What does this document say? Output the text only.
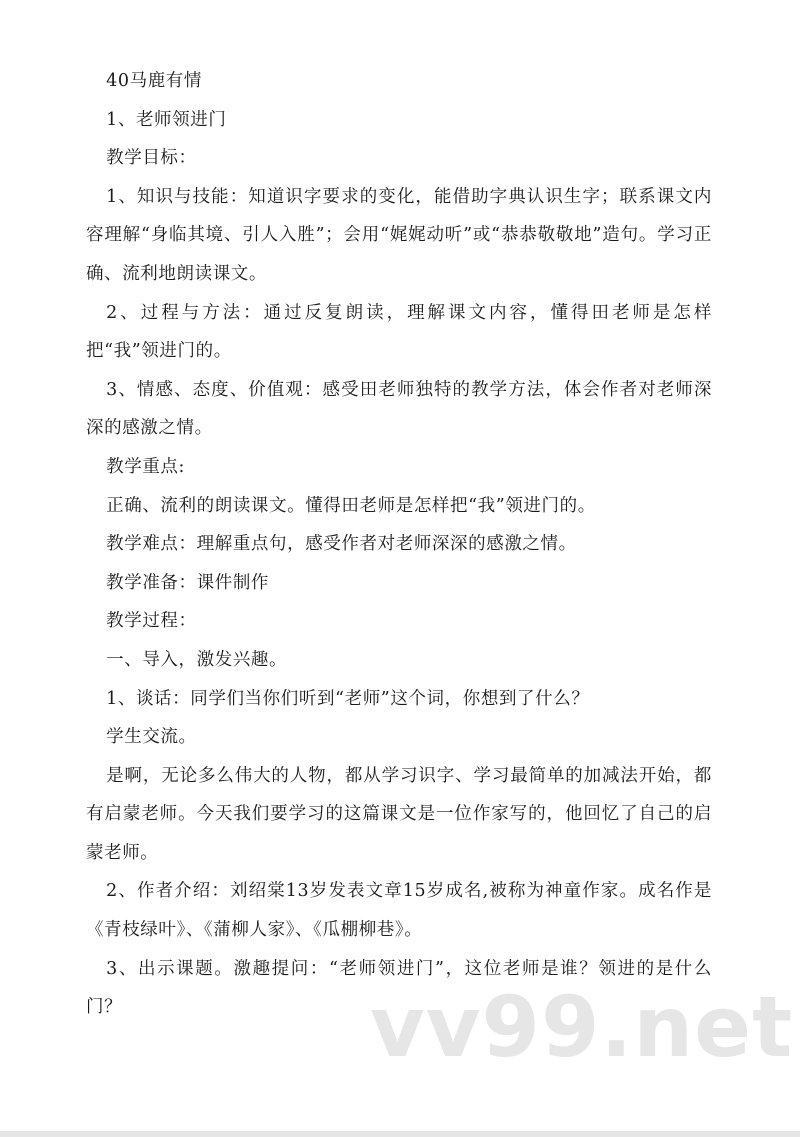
40马鹿有情

1、老师领进门

教学目标：

1、知识与技能：知道识字要求的变化，能借助字典认识生字；联系课文内容理解“身临其境、引人入胜”；会用“娓娓动听”或“恭恭敬敬地”造句。学习正确、流利地朗读课文。

2、过程与方法：通过反复朗读，理解课文内容，懂得田老师是怎样把“我”领进门的。

3、情感、态度、价值观：感受田老师独特的教学方法，体会作者对老师深深的感激之情。

教学重点:

正确、流利的朗读课文。懂得田老师是怎样把“我”领进门的。

教学难点：理解重点句，感受作者对老师深深的感激之情。

教学准备：课件制作

教学过程：

一、导入，激发兴趣。

1、谈话：同学们当你们听到“老师”这个词，你想到了什么？

学生交流。

是啊，无论多么伟大的人物，都从学习识字、学习最简单的加减法开始，都有启蒙老师。今天我们要学习的这篇课文是一位作家写的，他回忆了自己的启蒙老师。

2、作者介绍：刘绍棠13岁发表文章15岁成名,被称为神童作家。成名作是《青枝绿叶》、《蒲柳人家》、《瓜棚柳巷》。

3、出示课题。激趣提问：“老师领进门”，这位老师是谁？领进的是什么门？	vv99.net
